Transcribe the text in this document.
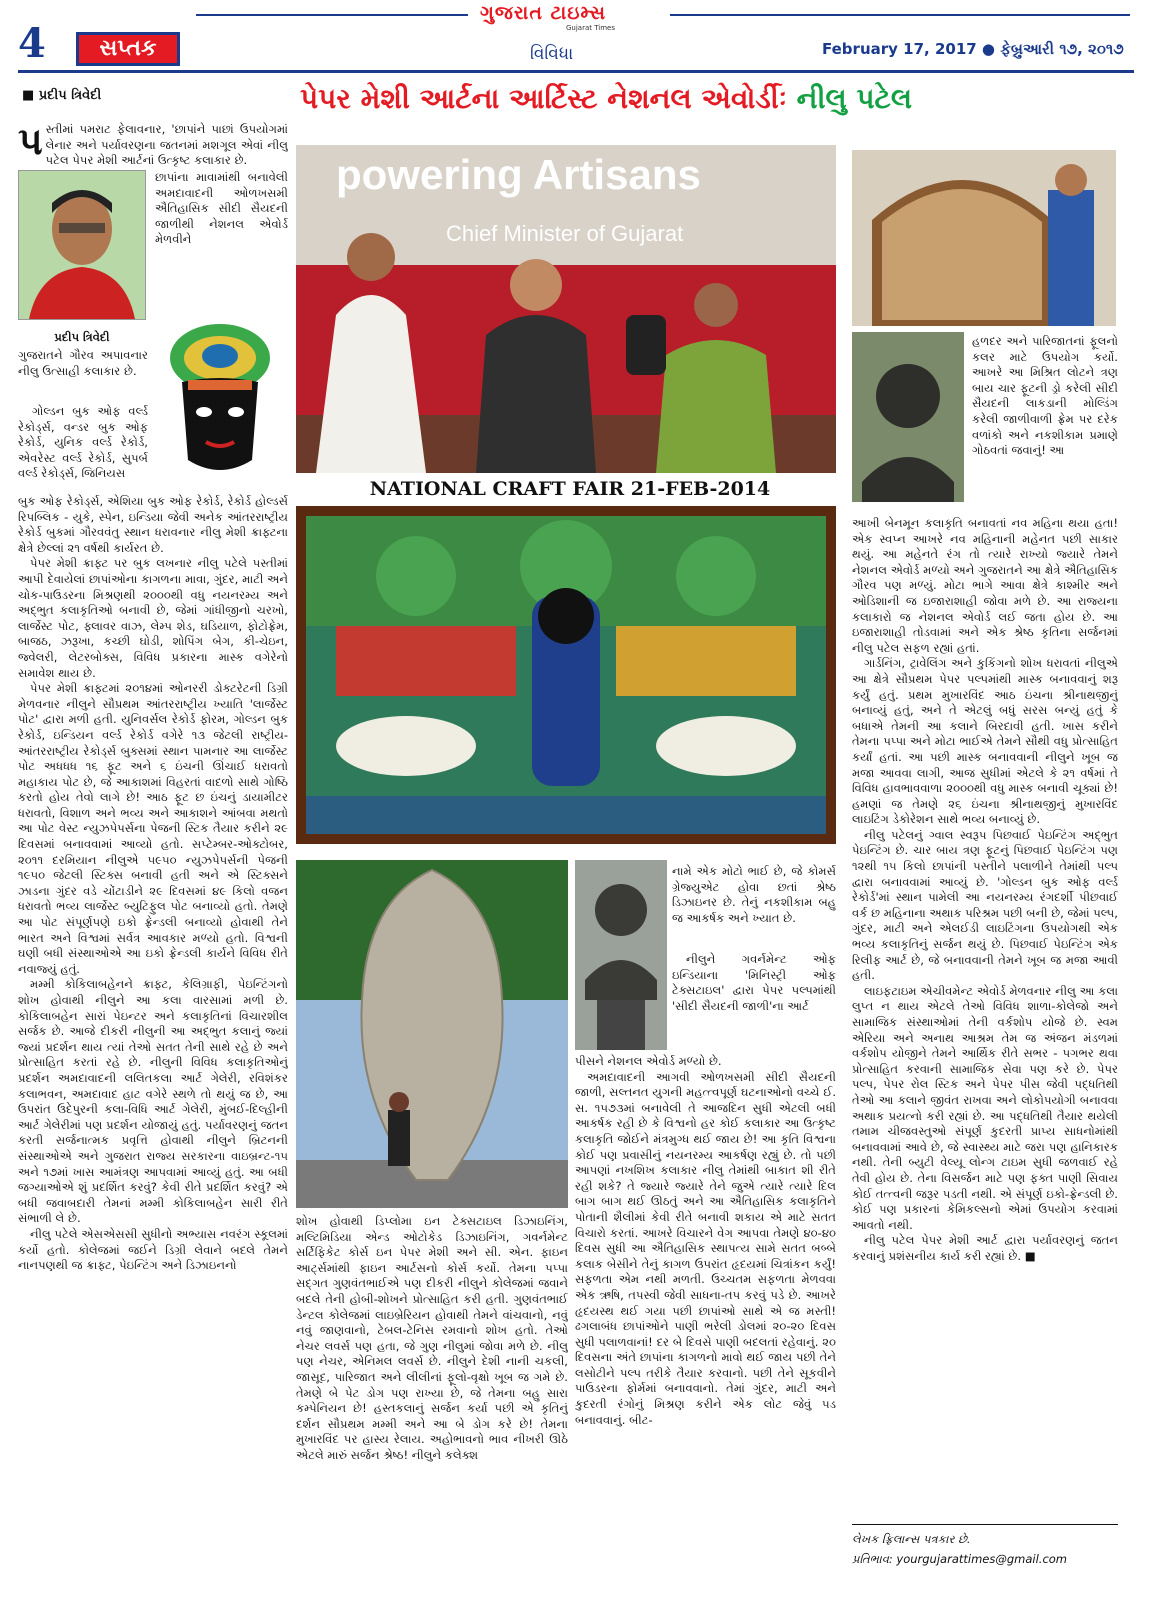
4	સપ્તક
ગુજરાત ટાઇમ્સ
Gujarat Times
વિવિધા	February 17, 2017 ● ફેબ્રુઆરી ૧૭, ૨૦૧૭
■ પ્રદીપ ત્રિવેદી	પેપર મેશી આર્ટના આર્ટિસ્ટ નેશનલ એવોર્ડીઃ નીલુ પટેલ
પસ્તીમાં પમરાટ ફેલાવનાર, 'છાપાંને પાછાં ઉપયોગમાં લેનાર અને પર્યાવરણના જતનમાં મશગૂલ એવાં નીલુ પટેલ પેપર મેશી આર્ટનાં ઉત્કૃષ્ટ કલાકાર છે.
પ્રદીપ ત્રિવેદી
છાપાંના માવામાંથી બનાવેલી અમદાવાદની ઓળખસમી ઐતિહાસિક સીદી સૈયદની જાળીથી નેશનલ એવોર્ડ મેળવીને
ગુજરાતને ગૌરવ અપાવનાર નીલુ ઉત્સાહી કલાકાર છે.
ગોલ્ડન બુક ઓફ વર્લ્ડ રેકોર્ડ્સ, વન્ડર બુક ઓફ રેકોર્ડ, યુનિક વર્લ્ડ રેકોર્ડ, એવરેસ્ટ વર્લ્ડ રેકોર્ડ, સુપર્બ વર્લ્ડ રેકોર્ડ્સ, જિનિયસ

બુક ઓફ રેકોર્ડ્સ, એશિયા બુક ઓફ રેકોર્ડ, રેકોર્ડ હોલ્ડર્સ રિપબ્લિક - યુકે, સ્પેન, ઇન્ડિયા જેવી અનેક આંતરરાષ્ટ્રીય રેકોર્ડ બુકમાં ગૌરવવંતુ સ્થાન ધરાવનાર નીલુ મેશી ક્રાફ્ટના ક્ષેત્રે છેલ્લાં ૨૧ વર્ષથી કાર્યરત છે.

પેપર મેશી ક્રાફ્ટ પર બુક લખનાર નીલુ પટેલે પસ્તીમાં આપી દેવાયેલાં છાપાંઓના કાગળના માવા, ગુંદર, માટી અને ચોક-પાઉડરના મિશ્રણથી ૨૦૦૦થી વધુ નયનરમ્ય અને અદ્ભુત કલાકૃતિઓ બનાવી છે, જેમાં ગાંધીજીનો ચરખો, લાર્જેસ્ટ પોટ, ફ્લાવર વાઝ, લેમ્પ શેડ, ઘડિયાળ, ફોટોફ્રેમ, બાજઠ, ઝરૂખા, કચ્છી ઘોડી, શોપિંગ બેગ, કી-ચેઇન, જ્વેલરી, લેટરબોક્સ, વિવિધ પ્રકારના માસ્ક વગેરેનો સમાવેશ થાય છે.

પેપર મેશી ક્રાફ્ટમાં ૨૦૧૪માં ઓનરરી ડોક્ટરેટની ડિગ્રી મેળવનાર નીલુને સૌપ્રથમ આંતરરાષ્ટ્રીય ખ્યાતિ 'લાર્જેસ્ટ પોટ' દ્વારા મળી હતી. યુનિવર્સલ રેકોર્ડ ફોરમ, ગોલ્ડન બુક રેકોર્ડ, ઇન્ડિયન વર્લ્ડ રેકોર્ડ વગેરે ૧૩ જેટલી રાષ્ટ્રીય-આંતરરાષ્ટ્રીય રેકોર્ડ્સ બુક્સમાં સ્થાન પામનાર આ લાર્જેસ્ટ પોટ અધધધ ૧૬ ફૂટ અને ૬ ઇંચની ઊંચાઈ ધરાવતો મહાકાય પોટ છે, જે આકાશમાં વિહરતાં વાદળો સાથે ગોષ્ઠિ કરતો હોય તેવો લાગે છે! આઠ ફૂટ છ ઇંચનું ડાયામીટર ધરાવતો, વિશાળ અને ભવ્ય અને આકાશને આંબવા મથતો આ પોટ વેસ્ટ ન્યુઝપેપર્સના પેજની સ્ટિક તૈયાર કરીને ૨૯ દિવસમાં બનાવવામાં આવ્યો હતો. સપ્ટેમ્બર-ઓક્ટોબર, ૨૦૧૧ દરમિયાન નીલુએ ૫૯૫૦ ન્યુઝપેપર્સની પેજની ૧૯૫૦ જેટલી સ્ટિક્સ બનાવી હતી અને એ સ્ટિક્સને ઝાડના ગુંદર વડે ચોંટાડીને ૨૯ દિવસમાં ૪૯ કિલો વજન ધરાવતો ભવ્ય લાર્જેસ્ટ બ્યુટિફુલ પોટ બનાવ્યો હતો. તેમણે આ પોટ સંપૂર્ણપણે ઇકો ફ્રેન્ડલી બનાવ્યો હોવાથી તેને ભારત અને વિશ્વમાં સર્વત્ર આવકાર મળ્યો હતો. વિશ્વની ઘણી બધી સંસ્થાઓએ આ ઇકો ફ્રેન્ડલી કાર્યને વિવિધ રીતે નવાજ્યું હતું.

મમ્મી કોકિલાબહેનને ક્રાફ્ટ, કેલિગ્રાફી, પેઇન્ટિંગનો શોખ હોવાથી નીલુને આ કલા વારસામાં મળી છે. કોકિલાબહેન સારાં પેઇન્ટર અને કલાકૃતિનાં વિચારશીલ સર્જક છે. આજે દીકરી નીલુની આ અદ્ભુત કલાનું જ્યાં જ્યાં પ્રદર્શન થાય ત્યાં તેઓ સતત તેની સાથે રહે છે અને પ્રોત્સાહિત કરતાં રહે છે. નીલુની વિવિધ કલાકૃતિઓનું પ્રદર્શન અમદાવાદની લલિતકલા આર્ટ ગેલેરી, રવિશંકર કલાભવન, અમદાવાદ હાટ વગેરે સ્થળે તો થયું જ છે, આ ઉપરાંત ઉદેપુરની કલા-વિધિ આર્ટ ગેલેરી, મુંબઈ-દિલ્હીની આર્ટ ગેલેરીમાં પણ પ્રદર્શન યોજાયું હતું. પર્યાવરણનું જતન કરતી સર્જનાત્મક પ્રવૃત્તિ હોવાથી નીલુને બ્રિટનની સંસ્થાઓએ અને ગુજરાત રાજ્ય સરકારના વાઇબ્રન્ટ-૧૫ અને ૧૭માં ખાસ આમંત્રણ આપવામાં આવ્યું હતું. આ બધી જગ્યાઓએ શું પ્રદર્શિત કરવું? કેવી રીતે પ્રદર્શિત કરવું? એ બધી જવાબદારી તેમનાં મમ્મી કોકિલાબહેન સારી રીતે સંભાળી લે છે.

નીલુ પટેલે એસએસસી સુધીનો અભ્યાસ નવરંગ સ્કૂલમાં કર્યો હતો. કોલેજમાં જઈને ડિગ્રી લેવાને બદલે તેમને નાનપણથી જ ક્રાફ્ટ, પેઇન્ટિંગ અને ડિઝાઇનનો

powering Artisans
Chief Minister of Gujarat
NATIONAL CRAFT FAIR 21-FEB-2014
શોખ હોવાથી ડિપ્લોમા ઇન ટેક્સટાઇલ ડિઝાઇનિંગ, મલ્ટિમિડિયા એન્ડ ઓટોકેડ ડિઝાઇનિંગ, ગવર્નમેન્ટ સર્ટિફિકેટ કોર્સ ઇન પેપર મેશી અને સી. એન. ફાઇન આર્ટ્સમાંથી ફાઇન આર્ટસનો કોર્સ કર્યો. તેમના પપ્પા સદ્ગત ગુણવંતભાઈએ પણ દીકરી નીલુને કોલેજમાં જવાને બદલે તેની હોબી-શોખને પ્રોત્સાહિત કરી હતી. ગુણવંતભાઈ ડેન્ટલ કોલેજમાં લાઇબ્રેરિયન હોવાથી તેમને વાંચવાનો, નવું નવું જાણવાનો, ટેબલ-ટેનિસ રમવાનો શોખ હતો. તેઓ નેચર લવર્સ પણ હતા, જે ગુણ નીલુમાં જોવા મળે છે. નીલુ પણ નેચર, એનિમલ લવર્સ છે. નીલુને દેશી નાની ચકલી, જાસૂદ, પારિજાત અને લીલીનાં ફૂલો-વૃક્ષો ખૂબ જ ગમે છે. તેમણે બે પેટ ડોગ પણ રાખ્યા છે, જે તેમના બહુ સારા કમ્પેનિયન છે! હસ્તકલાનું સર્જન કર્યા પછી એ કૃતિનું દર્શન સૌપ્રથમ મમ્મી અને આ બે ડોગ કરે છે! તેમના મુખારવિંદ પર હાસ્ય રેલાય. અહોભાવનો ભાવ નીખરી ઊઠે એટલે મારું સર્જન શ્રેષ્ઠ! નીલુને કલેક્શ
નામે એક મોટો ભાઈ છે, જે કોમર્સ ગ્રેજ્યુએટ હોવા છતાં શ્રેષ્ઠ ડિઝાઇનર છે. તેનું નકશીકામ બહુ જ આકર્ષક અને ખ્યાત છે.
નીલુને ગવર્નમેન્ટ ઓફ ઇન્ડિયાના 'મિનિસ્ટ્રી ઓફ ટેક્સટાઇલ' દ્વારા પેપર પલ્પમાંથી 'સીદી સૈયદની જાળી'ના આર્ટ

પીસને નેશનલ એવોર્ડ મળ્યો છે.

અમદાવાદની આગવી ઓળખસમી સીદી સૈયદની જાળી, સલ્તનત યુગની મહત્ત્વપૂર્ણ ઘટનાઓનો વચ્ચે ઈ. સ. ૧૫૭૩માં બનાવેલી તે આજદિન સુધી એટલી બધી આકર્ષક રહી છે કે વિશ્વનો હર કોઈ કલાકાર આ ઉત્કૃષ્ટ કલાકૃતિ જોઈને મંત્રમુગ્ધ થઈ જાય છે! આ કૃતિ વિશ્વના કોઈ પણ પ્રવાસીનું નયનરમ્ય આકર્ષણ રહ્યું છે. તો પછી આપણાં નખશિખ કલાકાર નીલુ તેમાંથી બાકાત શી રીતે રહી શકે? તે જ્યારે જ્યારે તેને જુએ ત્યારે ત્યારે દિલ બાગ બાગ થઈ ઊઠતું અને આ ઐતિહાસિક કલાકૃતિને પોતાની શૈલીમાં કેવી રીતે બનાવી શકાય એ માટે સતત વિચારો કરતાં. આખરે વિચારને વેગ આપવા તેમણે ૪૦-૪૦ દિવસ સુધી આ ઐતિહાસિક સ્થાપત્ય સામે સતત બબ્બે કલાક બેસીને તેનું કાગળ ઉપરાંત હૃદયમાં ચિત્રાંકન કર્યું! સફળતા એમ નથી મળતી. ઉચ્ચતમ સફળતા મેળવવા એક ઋષિ, તપસ્વી જેવી સાધના-તપ કરવું પડે છે. આખરે હૃદયસ્થ થઈ ગયા પછી છાપાંઓ સાથે એ જ મસ્તી! ઢગલાબંધ છાપાંઓને પાણી ભરેલી ડોલમાં ૨૦-૨૦ દિવસ સુધી પલાળવાનાં! દર બે દિવસે પાણી બદલતાં રહેવાનું. ૨૦ દિવસના અંતે છાપાંના કાગળનો માવો થઈ જાય પછી તેને લસોટીને પલ્પ તરીકે તૈયાર કરવાનો. પછી તેને સૂકવીને પાઉડરના ફોર્મમાં બનાવવાનો. તેમાં ગુંદર, માટી અને કુદરતી રંગોનું મિશ્રણ કરીને એક લોટ જેવું ૫ડ બનાવવાનું. બીટ-

હળદર અને પારિજાતનાં ફૂલનો કલર માટે ઉપયોગ કર્યો. આખરે આ મિશ્રિત લોટને ત્રણ બાય ચાર ફૂટની ડ્રો કરેલી સીદી સૈયદની લાકડાની મોલ્ડિંગ કરેલી જાળીવાળી ફ્રેમ પર દરેક વળાંકો અને નકશીકામ પ્રમાણે ગોઠવતાં જવાનું! આ

આખી બેનમૂન કલાકૃતિ બનાવતાં નવ મહિના થયા હતા! એક સ્વપ્ન આખરે નવ મહિનાની મહેનત પછી સાકાર થયું. આ મહેનતે રંગ તો ત્યારે રાખ્યો જ્યારે તેમને નેશનલ એવોર્ડ મળ્યો અને ગુજરાતને આ ક્ષેત્રે ઐતિહાસિક ગૌરવ પણ મળ્યું. મોટા ભાગે આવા ક્ષેત્રે કાશ્મીર અને ઓડિશાની જ ઇજારાશાહી જોવા મળે છે. આ રાજ્યના કલાકારો જ નેશનલ એવોર્ડ લઈ જતા હોય છે. આ ઇજારાશાહી તોડવામાં અને એક શ્રેષ્ઠ કૃતિના સર્જનમાં નીલુ પટેલ સફળ રહ્યાં હતાં.

ગાર્ડનિંગ, ટ્રાવેલિંગ અને કુકિંગનો શોખ ધરાવતાં નીલુએ આ ક્ષેત્રે સૌપ્રથમ પેપર પલ્પમાંથી માસ્ક બનાવવાનું શરૂ કર્યું હતું. પ્રથમ મુખારવિંદ આઠ ઇંચના શ્રીનાથજીનું બનાવ્યું હતું, અને તે એટલું બધું સરસ બન્યું હતું કે બધાએ તેમની આ કલાને બિરદાવી હતી. ખાસ કરીને તેમના પપ્પા અને મોટા ભાઈએ તેમને સૌથી વધુ પ્રોત્સાહિત કર્યાં હતાં. આ પછી માસ્ક બનાવવાની નીલુને ખૂબ જ મજા આવવા લાગી, આજ સુધીમાં એટલે કે ૨૧ વર્ષમાં તે વિવિધ હાવભાવવાળા ૨૦૦૦થી વધુ માસ્ક બનાવી ચૂક્યાં છે! હમણાં જ તેમણે ૨૬ ઇંચના શ્રીનાથજીનું મુખારવિંદ લાઇટિંગ ડેકોરેશન સાથે ભવ્ય બનાવ્યું છે.

નીલુ પટેલનું ગ્વાલ સ્વરૂપ પિછવાઈ પેઇન્ટિંગ અદ્ભુત પેઇન્ટિંગ છે. ચાર બાય ત્રણ ફૂટનું પિછવાઈ પેઇન્ટિંગ પણ ૧૨થી ૧૫ કિલો છાપાંની પસ્તીને પલાળીને તેમાંથી પલ્પ દ્વારા બનાવવામાં આવ્યું છે. 'ગોલ્ડન બુક ઓફ વર્લ્ડ રેકોર્ડ'માં સ્થાન પામેલી આ નયનરમ્ય રંગદર્શી પીછવાઈ વર્ક છ મહિનાના અથાક પરિશ્રમ પછી બની છે, જેમાં પલ્પ, ગુંદર, માટી અને એલઈડી લાઇટિંગના ઉપયોગથી એક ભવ્ય કલાકૃતિનું સર્જન થયું છે. પિછવાઈ પેઇન્ટિંગ એક રિલીફ આર્ટ છે, જે બનાવવાની તેમને ખૂબ જ મજા આવી હતી.

લાઇફટાઇમ એચીવમેન્ટ એવોર્ડ મેળવનાર નીલુ આ કલા લુપ્ત ન થાય એટલે તેઓ વિવિધ શાળા-કોલેજો અને સામાજિક સંસ્થાઓમાં તેની વર્કશોપ યોજે છે. સ્વમ એરિયા અને અનાથ આશ્રમ તેમ જ અંજન મંડળમાં વર્કશોપ યોજીને તેમને આર્થિક રીતે સભર - પગભર થવા પ્રોત્સાહિત કરવાની સામાજિક સેવા પણ કરે છે. પેપર પલ્પ, પેપર રોલ સ્ટિક અને પેપર પીસ જેવી પદ્ધતિથી તેઓ આ કલાને જીવંત રાખવા અને લોકોપયોગી બનાવવા અથાક પ્રયત્નો કરી રહ્યાં છે. આ પદ્ધતિથી તૈયાર થયેલી તમામ ચીજવસ્તુઓ સંપૂર્ણ કુદરતી પ્રાપ્ય સાધનોમાંથી બનાવવામાં આવે છે, જે સ્વાસ્થ્ય માટે જરા પણ હાનિકારક નથી. તેની બ્યુટી વેલ્યૂ લોન્ગ ટાઇમ સુધી જળવાઈ રહે તેવી હોય છે. તેના વિસર્જન માટે પણ ફક્ત પાણી સિવાય કોઈ તત્ત્વની જરૂર પડતી નથી. એ સંપૂર્ણ ઇકો-ફ્રેન્ડલી છે. કોઈ પણ પ્રકારનાં કેમિકલ્સનો એમાં ઉપયોગ કરવામાં આવતો નથી.

નીલુ પટેલ પેપર મેશી આર્ટ દ્વારા પર્યાવરણનું જતન કરવાનું પ્રશંસનીય કાર્ય કરી રહ્યાં છે. ■

લેખક ફ્રિલાન્સ પત્રકાર છે.
પ્રતિભાવ: yourgujarattimes@gmail.com
